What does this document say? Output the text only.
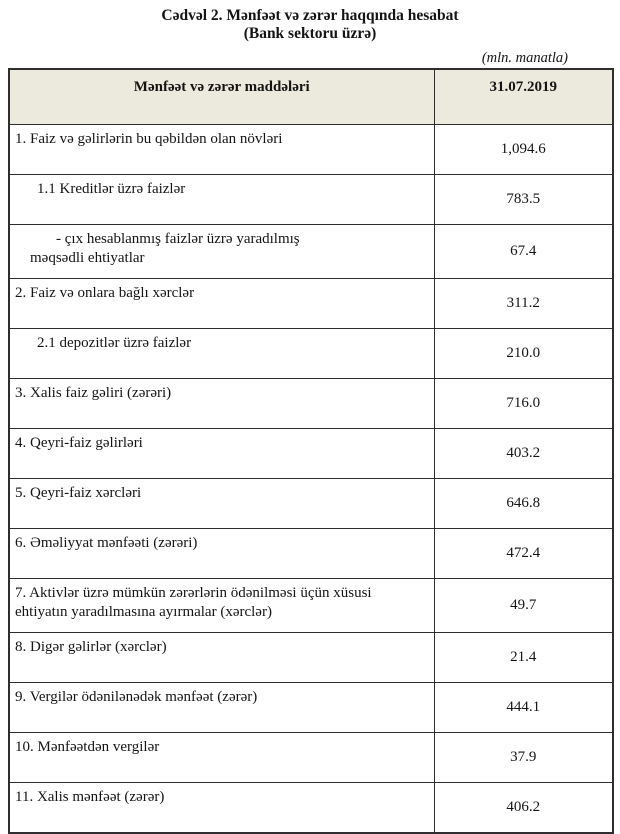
Cədvəl 2. Mənfəət və zərər haqqında hesabat
(Bank sektoru üzrə)
(mln. manatla)
Mənfəət və zərər maddələri	31.07.2019

1. Faiz və gəlirlərin bu qəbildən olan növləri	1,094.6

1.1 Kreditlər üzrə faizlər	783.5

- çıx hesablanmış faizlər üzrə yaradılmış
məqsədli ehtiyatlar	67.4

2. Faiz və onlara bağlı xərclər	311.2

2.1 depozitlər üzrə faizlər	210.0

3. Xalis faiz gəliri (zərəri)	716.0

4. Qeyri-faiz gəlirləri	403.2

5. Qeyri-faiz xərcləri	646.8

6. Əməliyyat mənfəəti (zərəri)	472.4

7. Aktivlər üzrə mümkün zərərlərin ödənilməsi üçün xüsusi
ehtiyatın yaradılmasına ayırmalar (xərclər)	49.7

8. Digər gəlirlər (xərclər)	21.4

9. Vergilər ödənilənədək mənfəət (zərər)	444.1

10. Mənfəətdən vergilər	37.9

11. Xalis mənfəət (zərər)	406.2
